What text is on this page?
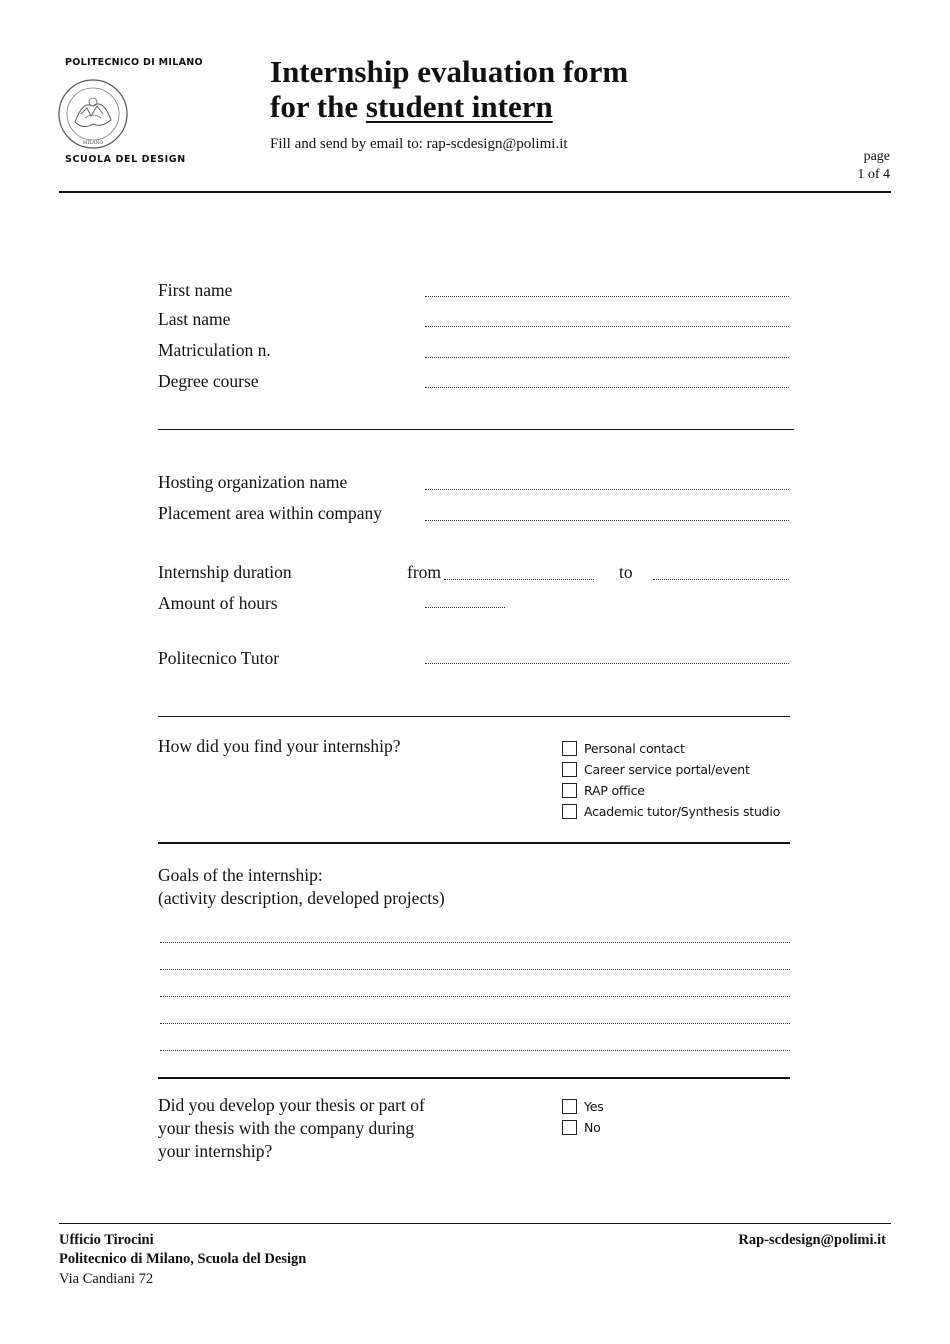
POLITECNICO DI MILANO
MILANO
SCUOLA DEL DESIGN
Internship evaluation form
for the student intern
Fill and send by email to: rap-scdesign@polimi.it
page
1 of 4
First name
Last name
Matriculation n.
Degree course
Hosting organization name
Placement area within company
Internship duration	from	to
Amount of hours
Politecnico Tutor
How did you find your internship?	Personal contact
Career service portal/event
RAP office
Academic tutor/Synthesis studio
Goals of the internship:
(activity description, developed projects)
Did you develop your thesis or part of
your thesis with the company during
your internship?
Yes
No
Ufficio Tirocini
Politecnico di Milano, Scuola del Design
Via Candiani 72
Rap-scdesign@polimi.it
